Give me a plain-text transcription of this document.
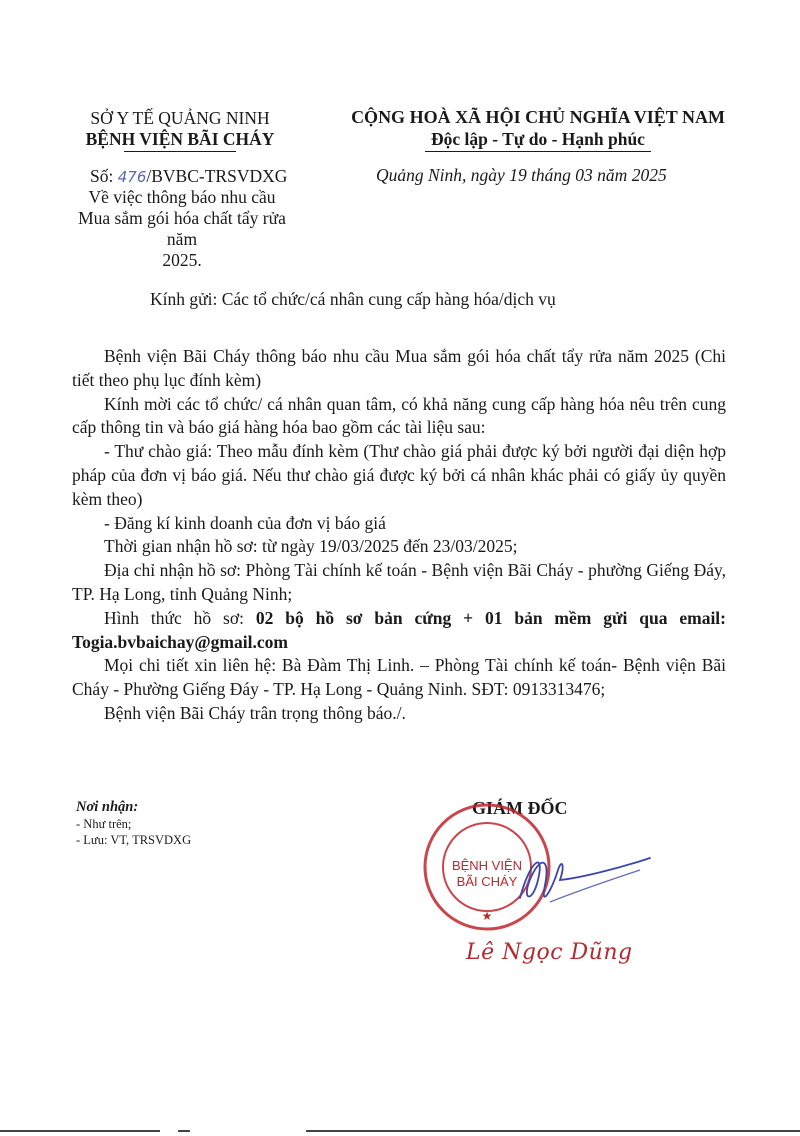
SỞ Y TẾ QUẢNG NINH
BỆNH VIỆN BÃI CHÁY
Số: 476/BVBC-TRSVDXG
Về việc thông báo nhu cầu
Mua sắm gói hóa chất tẩy rửa năm
2025.
CỘNG HOÀ XÃ HỘI CHỦ NGHĨA VIỆT NAM
Độc lập - Tự do - Hạnh phúc
Quảng Ninh, ngày 19 tháng 03 năm 2025
Kính gửi: Các tổ chức/cá nhân cung cấp hàng hóa/dịch vụ

Bệnh viện Bãi Cháy thông báo nhu cầu Mua sắm gói hóa chất tẩy rửa năm 2025 (Chi tiết theo phụ lục đính kèm)

Kính mời các tổ chức/ cá nhân quan tâm, có khả năng cung cấp hàng hóa nêu trên cung cấp thông tin và báo giá hàng hóa bao gồm các tài liệu sau:

- Thư chào giá: Theo mẫu đính kèm (Thư chào giá phải được ký bởi người đại diện hợp pháp của đơn vị báo giá. Nếu thư chào giá được ký bởi cá nhân khác phải có giấy ủy quyền kèm theo)

- Đăng kí kinh doanh của đơn vị báo giá

Thời gian nhận hồ sơ: từ ngày 19/03/2025 đến 23/03/2025;

Địa chỉ nhận hồ sơ: Phòng Tài chính kế toán - Bệnh viện Bãi Cháy - phường Giếng Đáy, TP. Hạ Long, tỉnh Quảng Ninh;

Hình thức hồ sơ: 02 bộ hồ sơ bản cứng + 01 bản mềm gửi qua email: Togia.bvbaichay@gmail.com

Mọi chi tiết xin liên hệ: Bà Đàm Thị Linh. – Phòng Tài chính kế toán- Bệnh viện Bãi Cháy - Phường Giếng Đáy - TP. Hạ Long - Quảng Ninh. SĐT: 0913313476;

Bệnh viện Bãi Cháy trân trọng thông báo./.

Nơi nhận:
- Như trên;
- Lưu: VT, TRSVDXG
GIÁM ĐỐC
BỆNH VIỆN
BÃI CHÁY
★
Lê Ngọc Dũng
